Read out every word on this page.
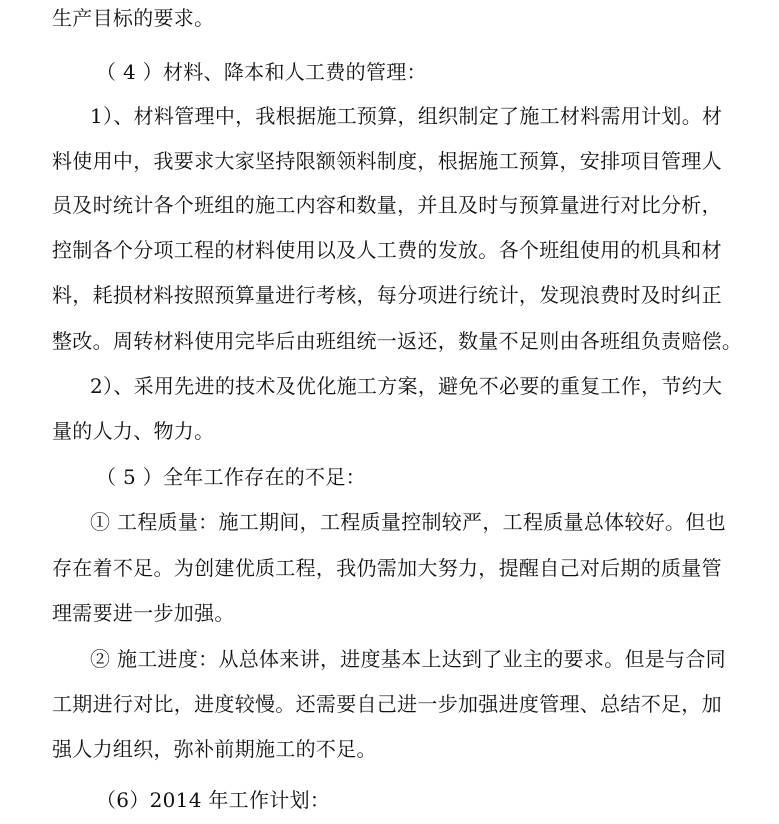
生产目标的要求。
（ 4 ）材料、降本和人工费的管理：
1）、材料管理中，我根据施工预算，组织制定了施工材料需用计划。材
料使用中，我要求大家坚持限额领料制度，根据施工预算，安排项目管理人
员及时统计各个班组的施工内容和数量，并且及时与预算量进行对比分析，
控制各个分项工程的材料使用以及人工费的发放。各个班组使用的机具和材
料，耗损材料按照预算量进行考核，每分项进行统计，发现浪费时及时纠正
整改。周转材料使用完毕后由班组统一返还，数量不足则由各班组负责赔偿。
2）、采用先进的技术及优化施工方案，避免不必要的重复工作，节约大
量的人力、物力。
（ 5 ）全年工作存在的不足：
① 工程质量：施工期间，工程质量控制较严，工程质量总体较好。但也
存在着不足。为创建优质工程，我仍需加大努力，提醒自己对后期的质量管
理需要进一步加强。
② 施工进度：从总体来讲，进度基本上达到了业主的要求。但是与合同
工期进行对比，进度较慢。还需要自己进一步加强进度管理、总结不足，加
强人力组织，弥补前期施工的不足。
（6）2014 年工作计划：
